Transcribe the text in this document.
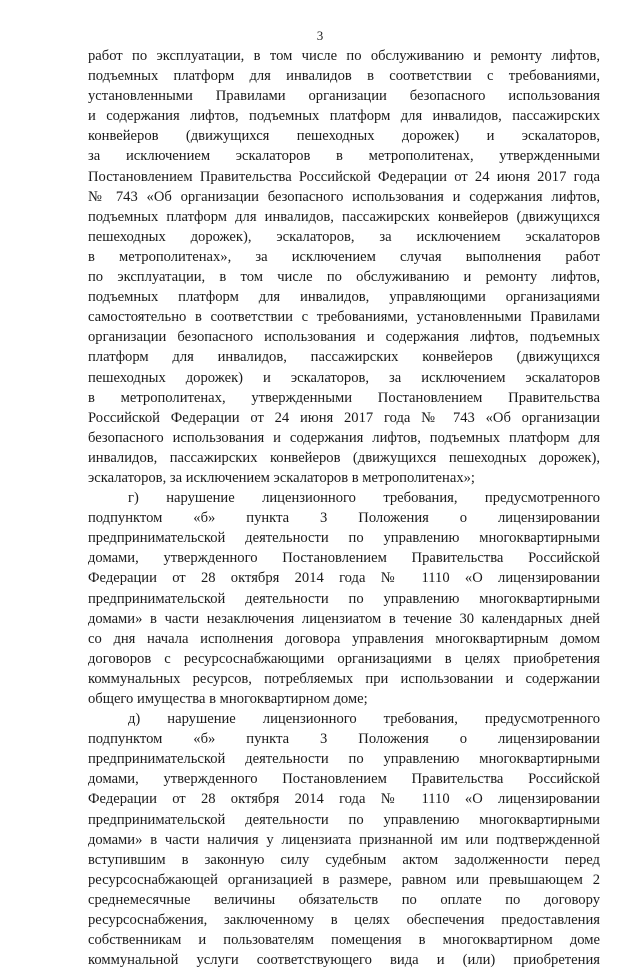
3

работ по эксплуатации, в том числе по обслуживанию и ремонту лифтов,
подъемных платформ для инвалидов в соответствии с требованиями,
установленными Правилами организации безопасного использования
и содержания лифтов, подъемных платформ для инвалидов, пассажирских
конвейеров (движущихся пешеходных дорожек) и эскалаторов,
за исключением эскалаторов в метрополитенах, утвержденными
Постановлением Правительства Российской Федерации от 24 июня 2017 года
№ 743 «Об организации безопасного использования и содержания лифтов,
подъемных платформ для инвалидов, пассажирских конвейеров (движущихся
пешеходных дорожек), эскалаторов, за исключением эскалаторов
в метрополитенах», за исключением случая выполнения работ
по эксплуатации, в том числе по обслуживанию и ремонту лифтов,
подъемных платформ для инвалидов, управляющими организациями
самостоятельно в соответствии с требованиями, установленными Правилами
организации безопасного использования и содержания лифтов, подъемных
платформ для инвалидов, пассажирских конвейеров (движущихся
пешеходных дорожек) и эскалаторов, за исключением эскалаторов
в метрополитенах, утвержденными Постановлением Правительства
Российской Федерации от 24 июня 2017 года № 743 «Об организации
безопасного использования и содержания лифтов, подъемных платформ для
инвалидов, пассажирских конвейеров (движущихся пешеходных дорожек),
эскалаторов, за исключением эскалаторов в метрополитенах»;

г) нарушение лицензионного требования, предусмотренного
подпунктом «б» пункта 3 Положения о лицензировании
предпринимательской деятельности по управлению многоквартирными
домами, утвержденного Постановлением Правительства Российской
Федерации от 28 октября 2014 года № 1110 «О лицензировании
предпринимательской деятельности по управлению многоквартирными
домами» в части незаключения лицензиатом в течение 30 календарных дней
со дня начала исполнения договора управления многоквартирным домом
договоров с ресурсоснабжающими организациями в целях приобретения
коммунальных ресурсов, потребляемых при использовании и содержании
общего имущества в многоквартирном доме;

д) нарушение лицензионного требования, предусмотренного
подпунктом «б» пункта 3 Положения о лицензировании
предпринимательской деятельности по управлению многоквартирными
домами, утвержденного Постановлением Правительства Российской
Федерации от 28 октября 2014 года № 1110 «О лицензировании
предпринимательской деятельности по управлению многоквартирными
домами» в части наличия у лицензиата признанной им или подтвержденной
вступившим в законную силу судебным актом задолженности перед
ресурсоснабжающей организацией в размере, равном или превышающем 2
среднемесячные величины обязательств по оплате по договору
ресурсоснабжения, заключенному в целях обеспечения предоставления
собственникам и пользователям помещения в многоквартирном доме
коммунальной услуги соответствующего вида и (или) приобретения
